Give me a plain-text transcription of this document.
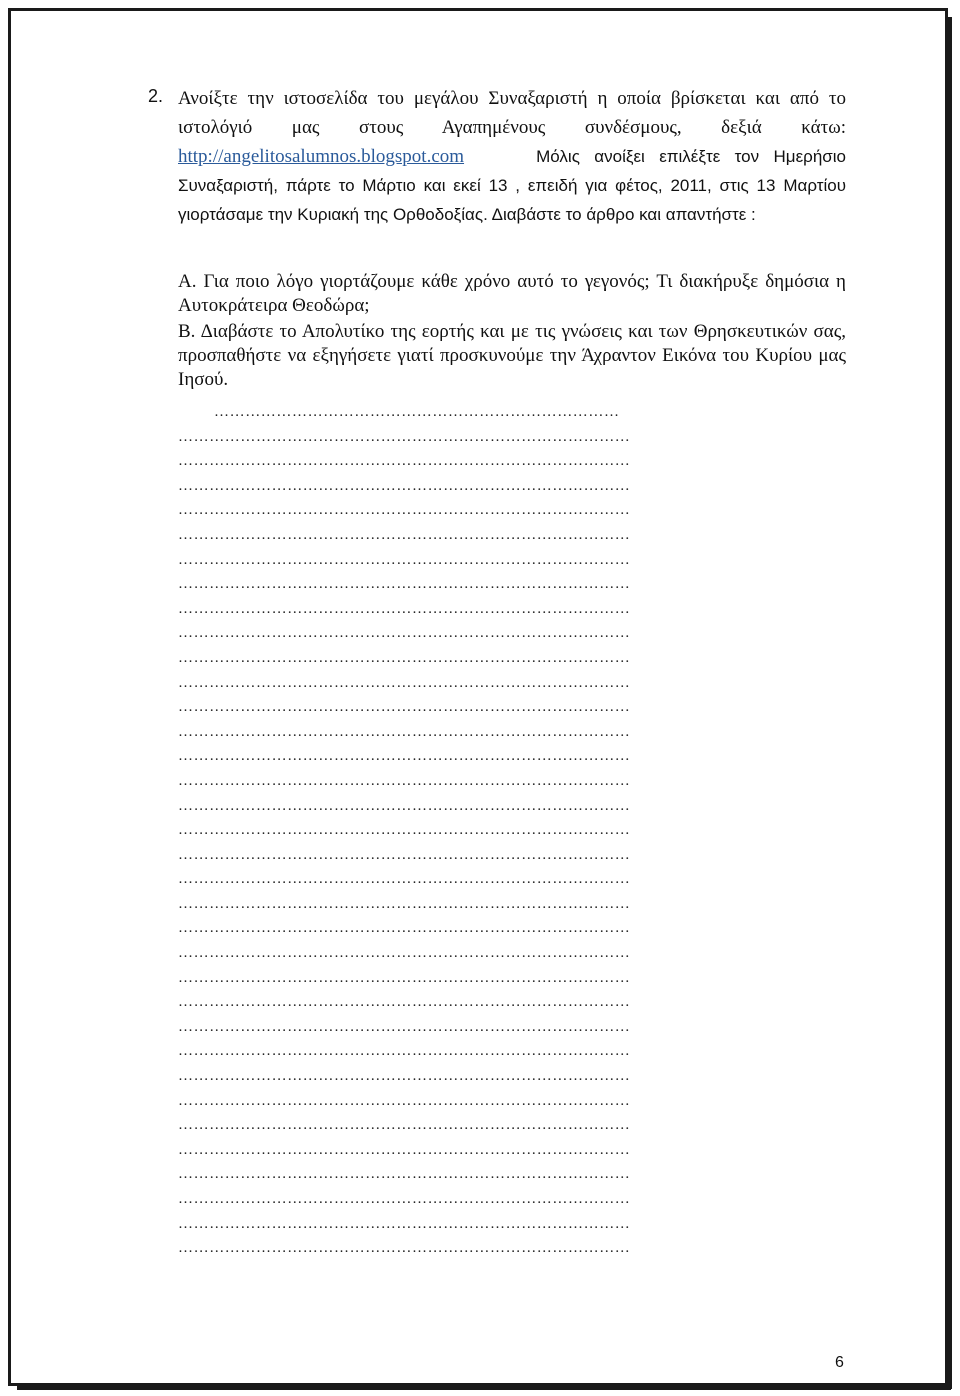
2. Ανοίξτε την ιστοσελίδα του μεγάλου Συναξαριστή η οποία βρίσκεται και από το ιστολόγιό μας στους Αγαπημένους συνδέσμους, δεξιά κάτω: http://angelitosalumnos.blogspot.com	Μόλις ανοίξει επιλέξτε τον Ημερήσιο Συναξαριστή, πάρτε το Μάρτιο και εκεί 13 , επειδή για φέτος, 2011, στις 13 Μαρτίου γιορτάσαμε την Κυριακή της Ορθοδοξίας. Διαβάστε το άρθρο και απαντήστε :
Α. Για ποιο λόγο γιορτάζουμε κάθε χρόνο αυτό το γεγονός; Τι διακήρυξε δημόσια η Αυτοκράτειρα Θεοδώρα;
Β. Διαβάστε το Απολυτίκο της εορτής και με τις γνώσεις και των Θρησκευτικών σας, προσπαθήστε να εξηγήσετε γιατί προσκυνούμε την Άχραντον Εικόνα του Κυρίου μας Ιησού.
……………………………………………………………………
……………………………………………………………………………
……………………………………………………………………………
……………………………………………………………………………
……………………………………………………………………………
……………………………………………………………………………
……………………………………………………………………………
……………………………………………………………………………
……………………………………………………………………………
……………………………………………………………………………
……………………………………………………………………………
……………………………………………………………………………
……………………………………………………………………………
……………………………………………………………………………
……………………………………………………………………………
……………………………………………………………………………
……………………………………………………………………………
……………………………………………………………………………
……………………………………………………………………………
……………………………………………………………………………
……………………………………………………………………………
……………………………………………………………………………
……………………………………………………………………………
……………………………………………………………………………
……………………………………………………………………………
……………………………………………………………………………
……………………………………………………………………………
……………………………………………………………………………
……………………………………………………………………………
……………………………………………………………………………
……………………………………………………………………………
……………………………………………………………………………
……………………………………………………………………………
……………………………………………………………………………
……………………………………………………………………………
6
